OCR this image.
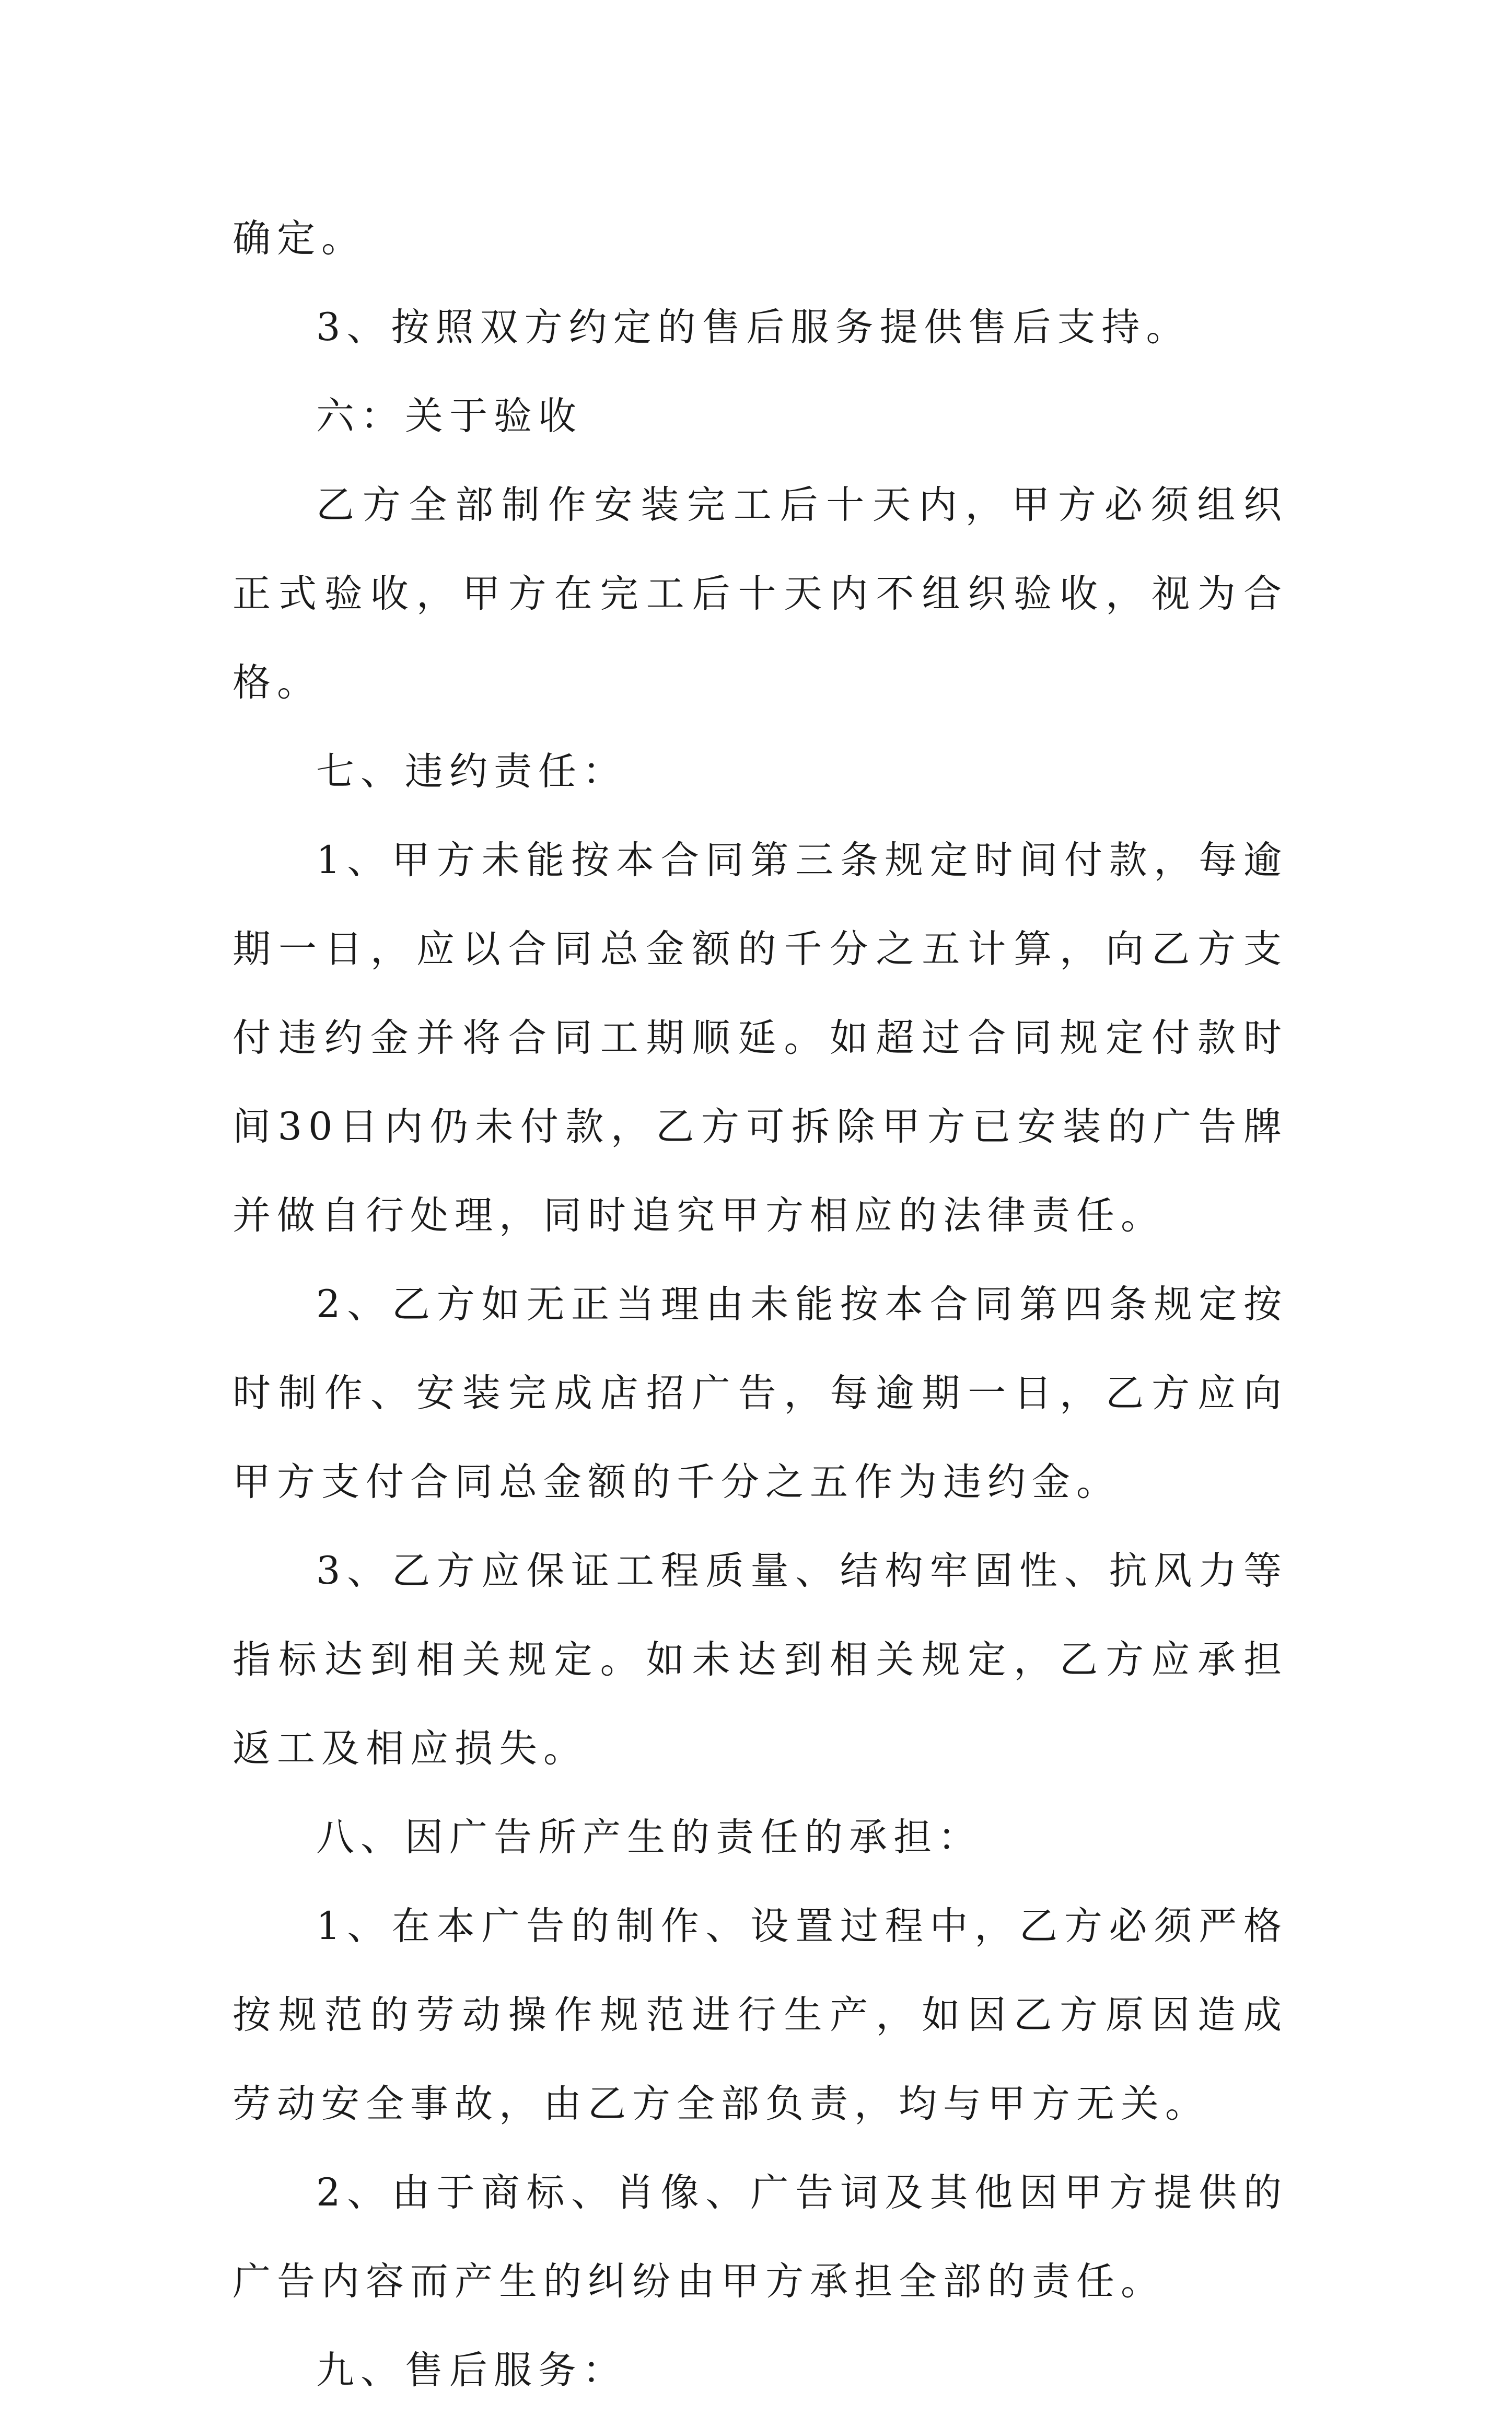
确定。

3、按照双方约定的售后服务提供售后支持。

六：关于验收

乙方全部制作安装完工后十天内，甲方必须组织正式验收，甲方在完工后十天内不组织验收，视为合格。

七、违约责任：

1、甲方未能按本合同第三条规定时间付款，每逾期一日，应以合同总金额的千分之五计算，向乙方支付违约金并将合同工期顺延。如超过合同规定付款时间30日内仍未付款，乙方可拆除甲方已安装的广告牌并做自行处理，同时追究甲方相应的法律责任。

2、乙方如无正当理由未能按本合同第四条规定按时制作、安装完成店招广告，每逾期一日，乙方应向甲方支付合同总金额的千分之五作为违约金。

3、乙方应保证工程质量、结构牢固性、抗风力等指标达到相关规定。如未达到相关规定，乙方应承担返工及相应损失。

八、因广告所产生的责任的承担：

1、在本广告的制作、设置过程中，乙方必须严格按规范的劳动操作规范进行生产，如因乙方原因造成劳动安全事故，由乙方全部负责，均与甲方无关。

2、由于商标、肖像、广告词及其他因甲方提供的广告内容而产生的纠纷由甲方承担全部的责任。

九、售后服务：
